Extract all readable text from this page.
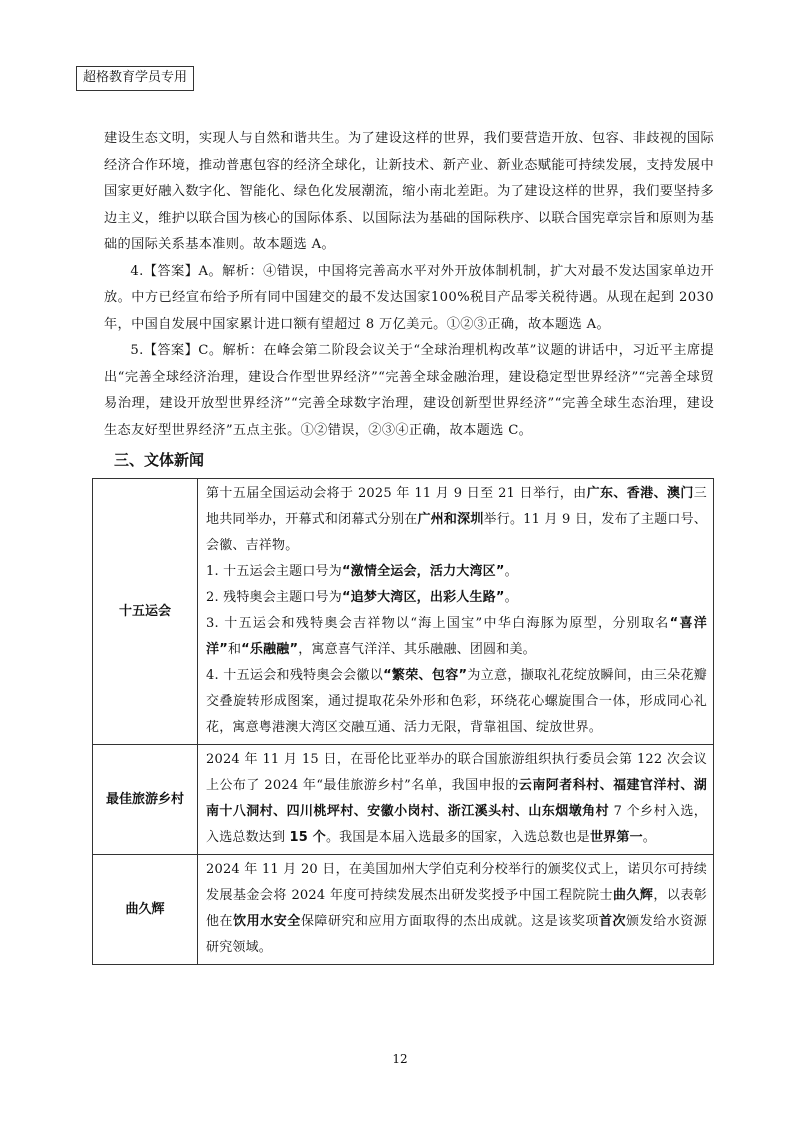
超格教育学员专用

建设生态文明，实现人与自然和谐共生。为了建设这样的世界，我们要营造开放、包容、非歧视的国际经济合作环境，推动普惠包容的经济全球化，让新技术、新产业、新业态赋能可持续发展，支持发展中国家更好融入数字化、智能化、绿色化发展潮流，缩小南北差距。为了建设这样的世界，我们要坚持多边主义，维护以联合国为核心的国际体系、以国际法为基础的国际秩序、以联合国宪章宗旨和原则为基础的国际关系基本准则。故本题选 A。

4.【答案】A。解析：④错误，中国将完善高水平对外开放体制机制，扩大对最不发达国家单边开放。中方已经宣布给予所有同中国建交的最不发达国家100%税目产品零关税待遇。从现在起到 2030 年，中国自发展中国家累计进口额有望超过 8 万亿美元。①②③正确，故本题选 A。

5.【答案】C。解析：在峰会第二阶段会议关于“全球治理机构改革”议题的讲话中，习近平主席提出“完善全球经济治理，建设合作型世界经济”“完善全球金融治理，建设稳定型世界经济”“完善全球贸易治理，建设开放型世界经济”“完善全球数字治理，建设创新型世界经济”“完善全球生态治理，建设生态友好型世界经济”五点主张。①②错误，②③④正确，故本题选 C。

三、文体新闻
十五运会	第十五届全国运动会将于 2025 年 11 月 9 日至 21 日举行，由广东、香港、澳门三地共同举办，开幕式和闭幕式分别在广州和深圳举行。11 月 9 日，发布了主题口号、会徽、吉祥物。
1. 十五运会主题口号为“激情全运会，活力大湾区”。
2. 残特奥会主题口号为“追梦大湾区，出彩人生路”。
3. 十五运会和残特奥会吉祥物以“海上国宝”中华白海豚为原型，分别取名“喜洋洋”和“乐融融”，寓意喜气洋洋、其乐融融、团圆和美。
4. 十五运会和残特奥会会徽以“繁荣、包容”为立意，撷取礼花绽放瞬间，由三朵花瓣交叠旋转形成图案，通过提取花朵外形和色彩，环绕花心螺旋围合一体，形成同心礼花，寓意粤港澳大湾区交融互通、活力无限，背靠祖国、绽放世界。

最佳旅游乡村	2024 年 11 月 15 日，在哥伦比亚举办的联合国旅游组织执行委员会第 122 次会议上公布了 2024 年“最佳旅游乡村”名单，我国申报的云南阿者科村、福建官洋村、湖南十八洞村、四川桃坪村、安徽小岗村、浙江溪头村、山东烟墩角村 7 个乡村入选，入选总数达到 15 个。我国是本届入选最多的国家，入选总数也是世界第一。
曲久辉	2024 年 11 月 20 日，在美国加州大学伯克利分校举行的颁奖仪式上，诺贝尔可持续发展基金会将 2024 年度可持续发展杰出研发奖授予中国工程院院士曲久辉，以表彰他在饮用水安全保障研究和应用方面取得的杰出成就。这是该奖项首次颁发给水资源研究领域。
12
